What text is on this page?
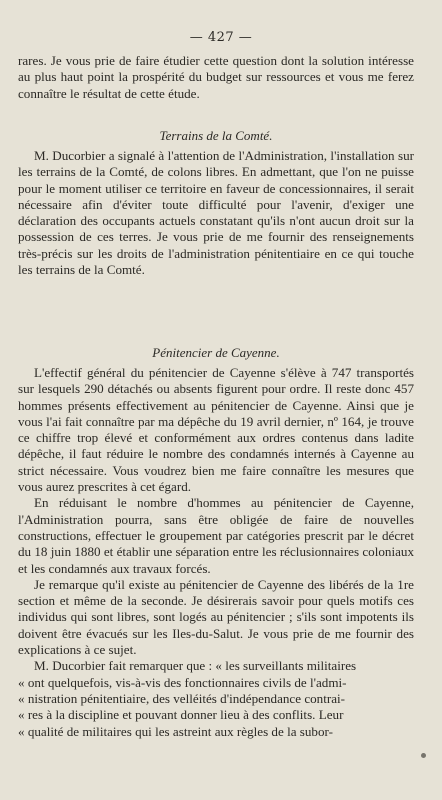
— 427 —

rares. Je vous prie de faire étudier cette question dont la solution intéresse au plus haut point la prospérité du budget sur ressources et vous me ferez connaître le résultat de cette étude.

Terrains de la Comté.

M. Ducorbier a signalé à l'attention de l'Administration, l'installation sur les terrains de la Comté, de colons libres. En admettant, que l'on ne puisse pour le moment utiliser ce territoire en faveur de concessionnaires, il serait nécessaire afin d'éviter toute difficulté pour l'avenir, d'exiger une déclaration des occupants actuels constatant qu'ils n'ont aucun droit sur la possession de ces terres. Je vous prie de me fournir des renseignements très-précis sur les droits de l'administration pénitentiaire en ce qui touche les terrains de la Comté.

Pénitencier de Cayenne.

L'effectif général du pénitencier de Cayenne s'élève à 747 transportés sur lesquels 290 détachés ou absents figurent pour ordre. Il reste donc 457 hommes présents effectivement au pénitencier de Cayenne. Ainsi que je vous l'ai fait connaître par ma dépêche du 19 avril dernier, nº 164, je trouve ce chiffre trop élevé et conformément aux ordres contenus dans ladite dépêche, il faut réduire le nombre des condamnés internés à Cayenne au strict nécessaire. Vous voudrez bien me faire connaître les mesures que vous aurez prescrites à cet égard.

En réduisant le nombre d'hommes au pénitencier de Cayenne, l'Administration pourra, sans être obligée de faire de nouvelles constructions, effectuer le groupement par catégories prescrit par le décret du 18 juin 1880 et établir une séparation entre les réclusionnaires coloniaux et les condamnés aux travaux forcés.

Je remarque qu'il existe au pénitencier de Cayenne des libérés de la 1re section et même de la seconde. Je désirerais savoir pour quels motifs ces individus qui sont libres, sont logés au pénitencier ; s'ils sont impotents ils doivent être évacués sur les Iles-du-Salut. Je vous prie de me fournir des explications à ce sujet.

M. Ducorbier fait remarquer que : « les surveillants militaires

« ont quelquefois, vis-à-vis des fonctionnaires civils de l'admi-

« nistration pénitentiaire, des velléités d'indépendance contrai-

« res à la discipline et pouvant donner lieu à des conflits. Leur

« qualité de militaires qui les astreint aux règles de la subor-
